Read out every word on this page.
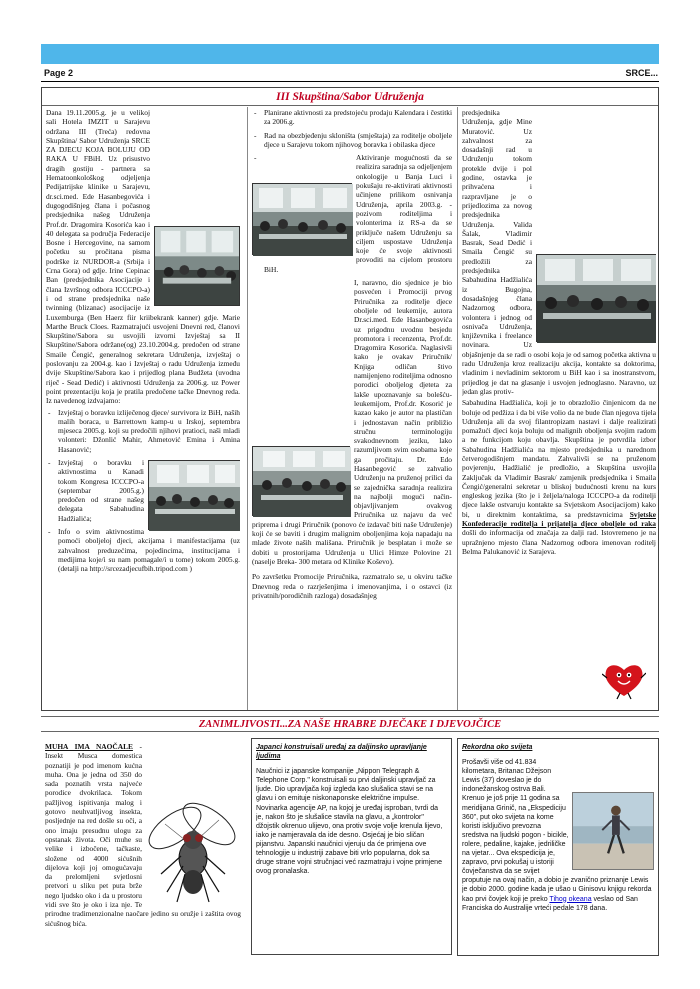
Page 2	SRCE...
III Skupština/Sabor Udruženja

Dana 19.11.2005.g. je u velikoj sali Hotela IMZIT u Sarajevu održana III (Treća) redovna Skupština/ Sabor Udruženja SRCE ZA DJECU KOJA BOLUJU OD RAKA U FBiH. Uz prisustvo dragih gostiju - partnera sa Hematoonkološkog odjeljenja Pedijatrijske klinike u Sarajevu, dr.sci.med. Ede Hasanbegovića i dugogodišnjeg člana i počasnog predsjednika našeg Udruženja Prof.dr. Dragomira Kosorića kao i 40 delegata sa područja Federacije Bosne i Hercegovine, na samom početku su pročitana pisma podrške iz NURDOR-a (Srbija i Crna Gora) od gdje. Irine Cepinac Ban (predsjednika Asocijacije i člana Izvršnog odbora ICCCPO-a) i od strane predsjednika naše twinning (blizanac) asocijacije iz Luxemburga (Ben Haerz fiir kriibekrank kanner) gdje. Marie Marthe Bruck Cloes. Razmatrajući usvojeni Dnevni red, članovi Skupštine/Sabora su usvojili izvorni Izvještaj sa II Skupštine/Sabora održane(og) 23.10.2004.g. predočen od strane Smaile Čengić, generalnog sekretara Udruženja, izvještaj o poslovanju za 2004.g. kao i Izvještaj o radu Udruženja između dvije Skupštine/Sabora kao i prijedlog plana Budžeta (uvodna riječ - Sead Dedić) i aktivnosti Udruženja za 2006.g. uz Power point prezentaciju koja je pratila predočene tačke Dnevnog reda. Iz navedenog izdvajamo:

- Izvještaj o boravku izliječenog djece/ survivora iz BiH, naših malih boraca, u Barrettown kamp-u u Irskoj, septembra mjeseca 2005.g. koji su predočili njihovi pratioci, naši mladi volonteri: Džonlić Mahir, Ahmetović Emina i Amina Hasanović;
- Izvještaj o boravku i aktivnostima u Kanadi tokom Kongresa ICCCPO-a (septembar 2005.g.) predočen od strane našeg delegata Sabahudina Hadžialića;
- Info o svim aktivnostima pomoći oboljeloj djeci, akcijama i manifestacijama (uz zahvalnost preduzećima, pojedincima, institucijama i medijima koje/i su nam pomagale/i u tome) tokom 2005.g. (detalji na http://srcezadjecufbih.tripod.com )
- Planirane aktivnosti za predstojeću prodaju Kalendara i čestitki za 2006.g.
- Rad na obezbjeđenju skloništa (smještaja) za roditelje oboljele djece u Sarajevu tokom njihovog boravka i obilaska djece
- Aktiviranje mogućnosti da se realizira saradnja sa odjeljenjem onkologije u Banja Luci i pokušaju re-aktivirati aktivnosti učinjene prilikom osnivanja Udruženja, aprila 2003.g. - pozivom roditeljima i volonterima iz RS-a da se priključe našem Udruženju sa ciljem uspostave Udruženja koje će svoje aktivnosti provoditi na cijelom prostoru BiH.

I, naravno, dio sjednice je bio posvećen i Promociji prvog Priručnika za roditelje djece oboljele od leukemije, autora Dr.sci.med. Ede Hasanbegovića uz prigodnu uvodnu besjedu promotora i recenzenta, Prof.dr. Dragomira Kosorića. Naglasivši kako je ovakav Priručnik/ Knjiga odličan štivo namijenjeno roditeljima odnosno porodici oboljelog djeteta za lakše upoznavanje sa bolešću- leukemijom, Prof.dr. Kosorić je kazao kako je autor na plastičan i jednostavan način približio stručnu terminologiju svakodnevnom jeziku, lako razumljivom svim osobama koje ga pročitaju. Dr. Edo Hasanbegović se zahvalio Udruženju na pruženoj prilici da se zajednička saradnja realizira na najbolji mogući način- objavljivanjem ovakvog Priručnika uz najavu da već priprema i drugi Priručnik (ponovo će izdavač biti naše Udruženje) koji će se baviti i drugim malignim oboljenjima koja napadaju na mlade živote naših mališana. Priručnik je besplatan i može se dobiti u prostorijama Udruženja u Ulici Himze Polovine 21 (naselje Breka- 300 metara od Klinike Koševo).

Po završetku Promocije Priručnika, razmatralo se, u okviru tačke Dnevnog reda o razrješenjima i imenovanjima, i o ostavci (iz privatnih/porodičnih razloga) dosadašnjeg

predsjednika Udruženja, gdje Mine Muratović. Uz zahvalnost za dosadašnji rad u Udruženju tokom protekle dvije i pol godine, ostavka je prihvaćena i razpravljane je o prijedlozima za novog predsjednika Udruženja. Valida Šalak, Vladimir Basrak, Sead Dedić i Smaila Čengić su predložili za predsjednika Sabahudina Hadžialića iz Bugojna, dosadašnjeg člana Nadzornog odbora, volontera i jednog od osnivača Udruženja, književnika i freelance novinara. Uz objašnjenje da se radi o osobi koja je od samog početka aktivna u radu Udruženja kroz realizaciju akcija, kontakte sa doktorima, vladinim i nevladinim sektorom u BiH kao i sa inostranstvom, prijedlog je dat na glasanje i usvojen jednoglasno. Naravno, uz jedan glas protiv-

Sabahudina Hadžialića, koji je to obrazložio činjenicom da ne boluje od pedžiza i da bi više volio da ne bude član njegova tijela Udruženja ali da svoj filantropizam nastavi i dalje realizirati pomažući djeci koja boluju od malignih oboljenja svojim radom a ne funkcijom koju obavlja. Skupština je potvrdila izbor Sabahudina Hadžialića na mjesto predsjednika u narednom četverogodišnjem mandatu. Zahvalivši se na pruženom povjerenju, Hadžialić je predložio, a Skupština usvojila Zaključak da Vladimir Basrak/ zamjenik predsjednika i Smaila Čengić/generalni sekretar u bliskoj budućnosti krenu na kurs engleskog jezika (što je i željela/naloga ICCCPO-a da roditelji djece lakše ostvaruju kontakte sa Svjetskom Asocijacijom) kako bi, u direktnim kontaktima, sa predstavnicima Svjetske Konfederacije roditelja i prijatelja djece oboljele od raka došli do informacija od značaja za dalji rad. Istovremeno je na upražnjeno mjesto člana Nadzornog odbora imenovan roditelj Belma Palukanović iz Sarajeva.

ZANIMLJIVOSTI...ZA NAŠE HRABRE DJEČAKE I DJEVOJČICE
MUHA IMA NAOČALE - Insekt Musca domestica poznatiji je pod imenom kućna muha. Ona je jedna od 350 do sada poznatih vrsta najveće porodice dvokrilaca. Tokom pažljivog ispitivanja malog i gotovo neuhvatljivog insekta, posljednje na red došle su oči, a ono imaju presudnu ulogu za opstanak života. Oči muhe su velike i izbočene, tačkaste, složene od 4000 sićušnih dijelova koji joj omogućavaju da prelomljeni svjetlosni pretvori u sliku pet puta brže nego ljudsko oko i da u prostoru vidi sve što je oko i iza nje. Te prirodne tradimenzionalne naočare jedino su oružje i zaštita ovog sićušnog bića.
Japanci konstruisali uređaj za daljinsko upravljanje ljudima
Naučnici iz japanske kompanije „Nippon Telegraph & Telephone Corp." konstruisali su prvi daljinski upravljač za ljude. Dio upravljača koji izgleda kao slušalica stavi se na glavu i on emituje niskonaponske električne impulse. Novinarka agencije AP, na kojoj je uređaj isproban, tvrdi da je, nakon što je slušalice stavila na glavu, a „kontrolor" džojstik okrenuo ulijevo, ona protiv svoje volje krenula lijevo, iako je namjeravala da ide desno. Osjećaj je bio sličan pijanstvu. Japanski naučnici vjeruju da će primjena ove tehnologije u industriji zabave biti vrlo popularna, dok sa druge strane vojni stručnjaci već razmatraju i vojne primjene ovog pronalaska.
Rekordna oko svijeta
Prošavši više od 41.834 kilometara, Britanac Džejson Lewis (37) doveslao je do indonežanskog ostrva Bali. Krenuo je još prije 11 godina sa meridijana Grinič, na „Ekspediciju 360", put oko svijeta na kome koristi isključivo prevozna sredstva na ljudski pogon - bicikle, rolere, pedaline, kajake, jedriličke na vjetar... Ova ekspedicija je, zapravo, prvi pokušaj u istoriji čovječanstva da se svijet proputuje na ovaj način, a dobio je zvanično priznanje Lewis je dobio 2000. godine kada je ušao u Ginisovu knjigu rekorda kao prvi čovjek koji je preko Tihog okeana veslao od San Franciska do Australije vrteći pedale 178 dana.
